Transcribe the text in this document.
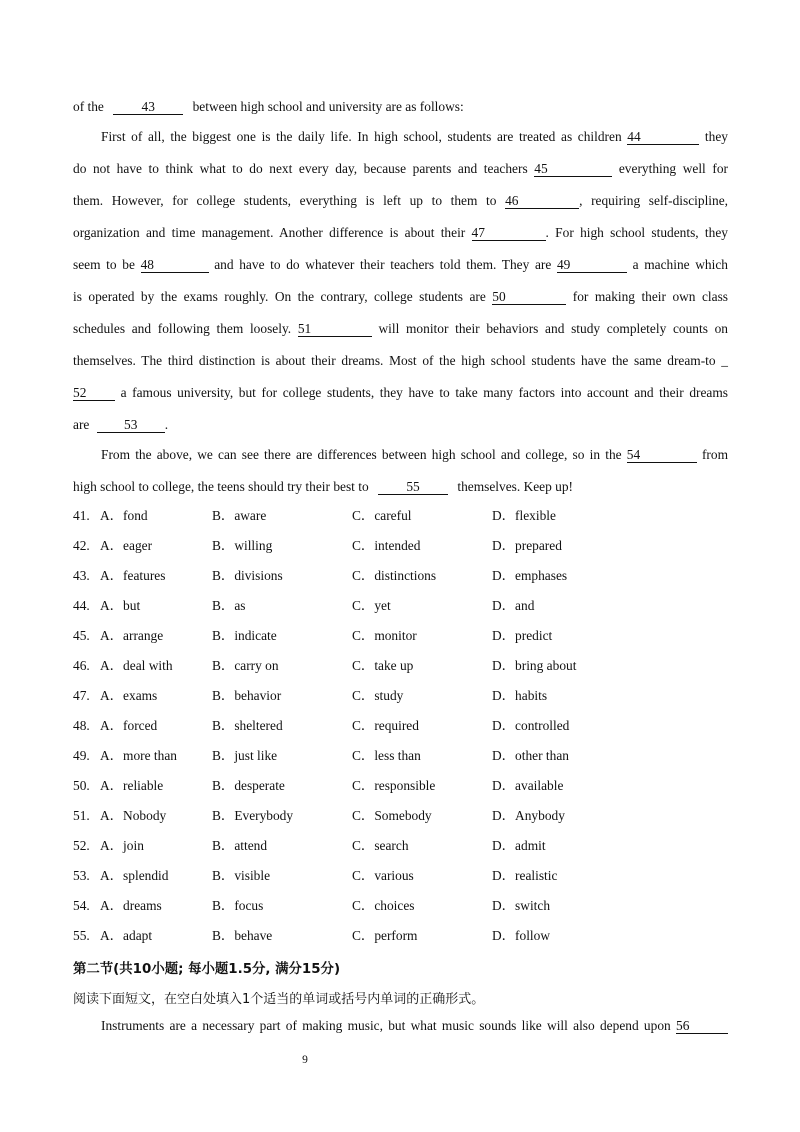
of the	43	between high school and university are as follows:
First of all, the biggest one is the daily life. In high school, students are treated as children 44	they
do not have to think what to do next every day, because parents and teachers 45	everything well for
them. However, for college students, everything is left up to them to 46	, requiring self-discipline,
organization and time management. Another difference is about their 47	. For high school students, they
seem to be 48	and have to do whatever their teachers told them. They are 49	a machine which
is operated by the exams roughly. On the contrary, college students are 50	for making their own class
schedules and following them loosely. 51	will monitor their behaviors and study completely counts on
themselves. The third distinction is about their dreams. Most of the high school students have the same dream-to _
52	a famous university, but for college students, they have to take many factors into account and their dreams
are	53 .
From the above, we can see there are differences between high school and college, so in the 54	from
high school to college, the teens should try their best to	55	themselves. Keep up!
41. A．fond	B．aware	C．careful	D．flexible
42. A．eager	B．willing	C．intended	D．prepared
43. A．features	B．divisions	C．distinctions	D．emphases
44. A．but	B．as	C．yet	D．and
45. A．arrange	B．indicate	C．monitor	D．predict
46. A．deal with	B．carry on	C．take up	D．bring about
47. A．exams	B．behavior	C．study	D．habits
48. A．forced	B．sheltered	C．required	D．controlled
49. A．more than	B．just like	C．less than	D．other than
50. A．reliable	B．desperate	C．responsible	D．available
51. A．Nobody	B．Everybody	C．Somebody	D．Anybody
52. A．join	B．attend	C．search	D．admit
53. A．splendid	B．visible	C．various	D．realistic
54. A．dreams	B．focus	C．choices	D．switch
55. A．adapt	B．behave	C．perform	D．follow
第二节(共10小题; 每小题1.5分, 满分15分)
阅读下面短文，在空白处填入1个适当的单词或括号内单词的正确形式。
Instruments are a necessary part of making music, but what music sounds like will also depend upon 56
9
